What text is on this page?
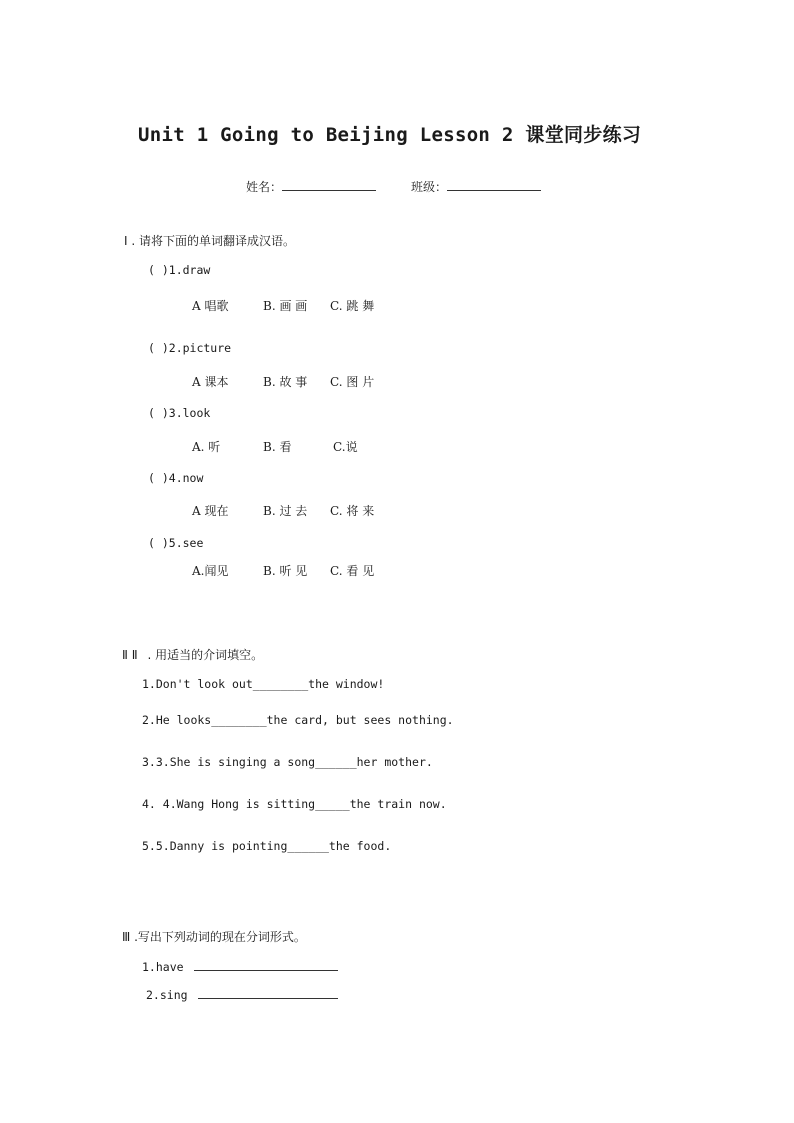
Unit 1 Going to Beijing Lesson 2 课堂同步练习
姓名：	班级：
Ⅰ . 请将下面的单词翻译成汉语。
( )1.draw
A 唱歌	B. 画 画 C. 跳 舞
( )2.picture
A 课本	B. 故 事 C. 图 片
( )3.look
A. 听	B. 看	C.说
( )4.now
A 现在	B. 过 去 C. 将 来
( )5.see
A.闻见	B. 听 见 C. 看 见
Ⅱ Ⅱ . 用适当的介词填空。
1.Don't look out________the window!
2.He looks________the card, but sees nothing.
3.3.She is singing a song______her mother.
4. 4.Wang Hong is sitting_____the train now.
5.5.Danny is pointing______the food.
Ⅲ .写出下列动词的现在分词形式。
1.have
2.sing
